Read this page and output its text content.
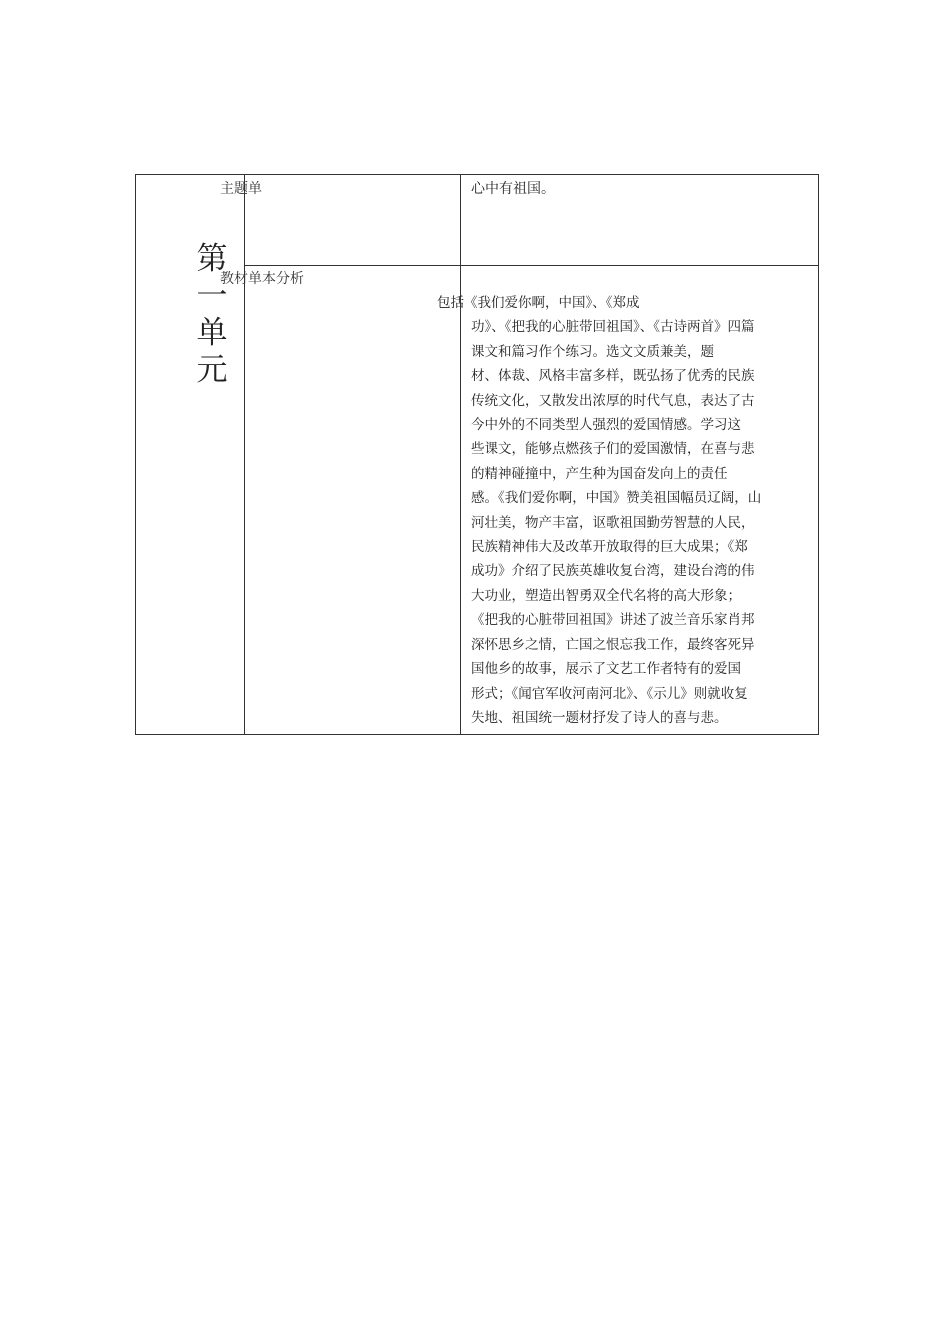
第
一
单
元
主题单	心中有祖国。
教材单本分析
包括《我们爱你啊，中国》、《郑成
功》、《把我的心脏带回祖国》、《古诗两首》四篇
课文和篇习作个练习。选文文质兼美，题
材、体裁、风格丰富多样，既弘扬了优秀的民族
传统文化，又散发出浓厚的时代气息，表达了古
今中外的不同类型人强烈的爱国情感。学习这
些课文，能够点燃孩子们的爱国激情，在喜与悲
的精神碰撞中，产生种为国奋发向上的责任
感。《我们爱你啊，中国》赞美祖国幅员辽阔，山
河壮美，物产丰富，讴歌祖国勤劳智慧的人民，
民族精神伟大及改革开放取得的巨大成果；《郑
成功》介绍了民族英雄收复台湾，建设台湾的伟
大功业，塑造出智勇双全代名将的高大形象；
《把我的心脏带回祖国》讲述了波兰音乐家肖邦
深怀思乡之情，亡国之恨忘我工作，最终客死异
国他乡的故事，展示了文艺工作者特有的爱国
形式；《闻官军收河南河北》、《示儿》则就收复
失地、祖国统一题材抒发了诗人的喜与悲。
